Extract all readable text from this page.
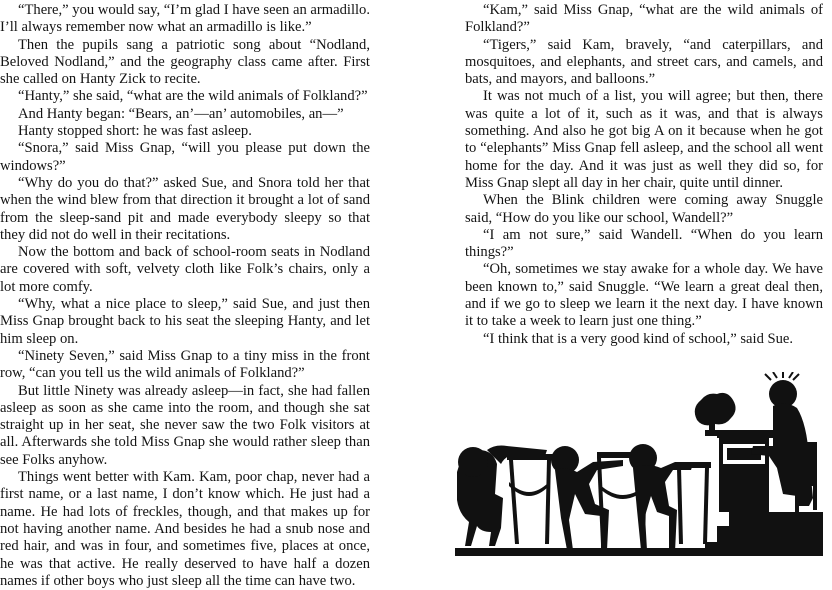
“There,” you would say, “I’m glad I have seen an armadillo. I’ll always remember now what an armadillo is like.”

Then the pupils sang a patriotic song about “Nodland, Beloved Nodland,” and the geography class came after. First she called on Hanty Zick to recite.

“Hanty,” she said, “what are the wild animals of Folkland?”

And Hanty began: “Bears, an’—an’ automobiles, an—”

Hanty stopped short: he was fast asleep.

“Snora,” said Miss Gnap, “will you please put down the windows?”

“Why do you do that?” asked Sue, and Snora told her that when the wind blew from that direction it brought a lot of sand from the sleep-sand pit and made everybody sleepy so that they did not do well in their recitations.

Now the bottom and back of school-room seats in Nodland are covered with soft, velvety cloth like Folk’s chairs, only a lot more comfy.

“Why, what a nice place to sleep,” said Sue, and just then Miss Gnap brought back to his seat the sleeping Hanty, and let him sleep on.

“Ninety Seven,” said Miss Gnap to a tiny miss in the front row, “can you tell us the wild animals of Folkland?”

But little Ninety was already asleep—in fact, she had fallen asleep as soon as she came into the room, and though she sat straight up in her seat, she never saw the two Folk visitors at all. Afterwards she told Miss Gnap she would rather sleep than see Folks anyhow.

Things went better with Kam. Kam, poor chap, never had a first name, or a last name, I don’t know which. He just had a name. He had lots of freckles, though, and that makes up for not having another name. And besides he had a snub nose and red hair, and was in four, and sometimes five, places at once, he was that active. He really deserved to have half a dozen names if other boys who just sleep all the time can have two.

“Kam,” said Miss Gnap, “what are the wild animals of Folkland?”

“Tigers,” said Kam, bravely, “and caterpillars, and mosquitoes, and elephants, and street cars, and camels, and bats, and mayors, and balloons.”

It was not much of a list, you will agree; but then, there was quite a lot of it, such as it was, and that is always something. And also he got big A on it because when he got to “elephants” Miss Gnap fell asleep, and the school all went home for the day. And it was just as well they did so, for Miss Gnap slept all day in her chair, quite until dinner.

When the Blink children were coming away Snuggle said, “How do you like our school, Wandell?”

“I am not sure,” said Wandell. “When do you learn things?”

“Oh, sometimes we stay awake for a whole day. We have been known to,” said Snuggle. “We learn a great deal then, and if we go to sleep we learn it the next day. I have known it to take a week to learn just one thing.”

“I think that is a very good kind of school,” said Sue.
